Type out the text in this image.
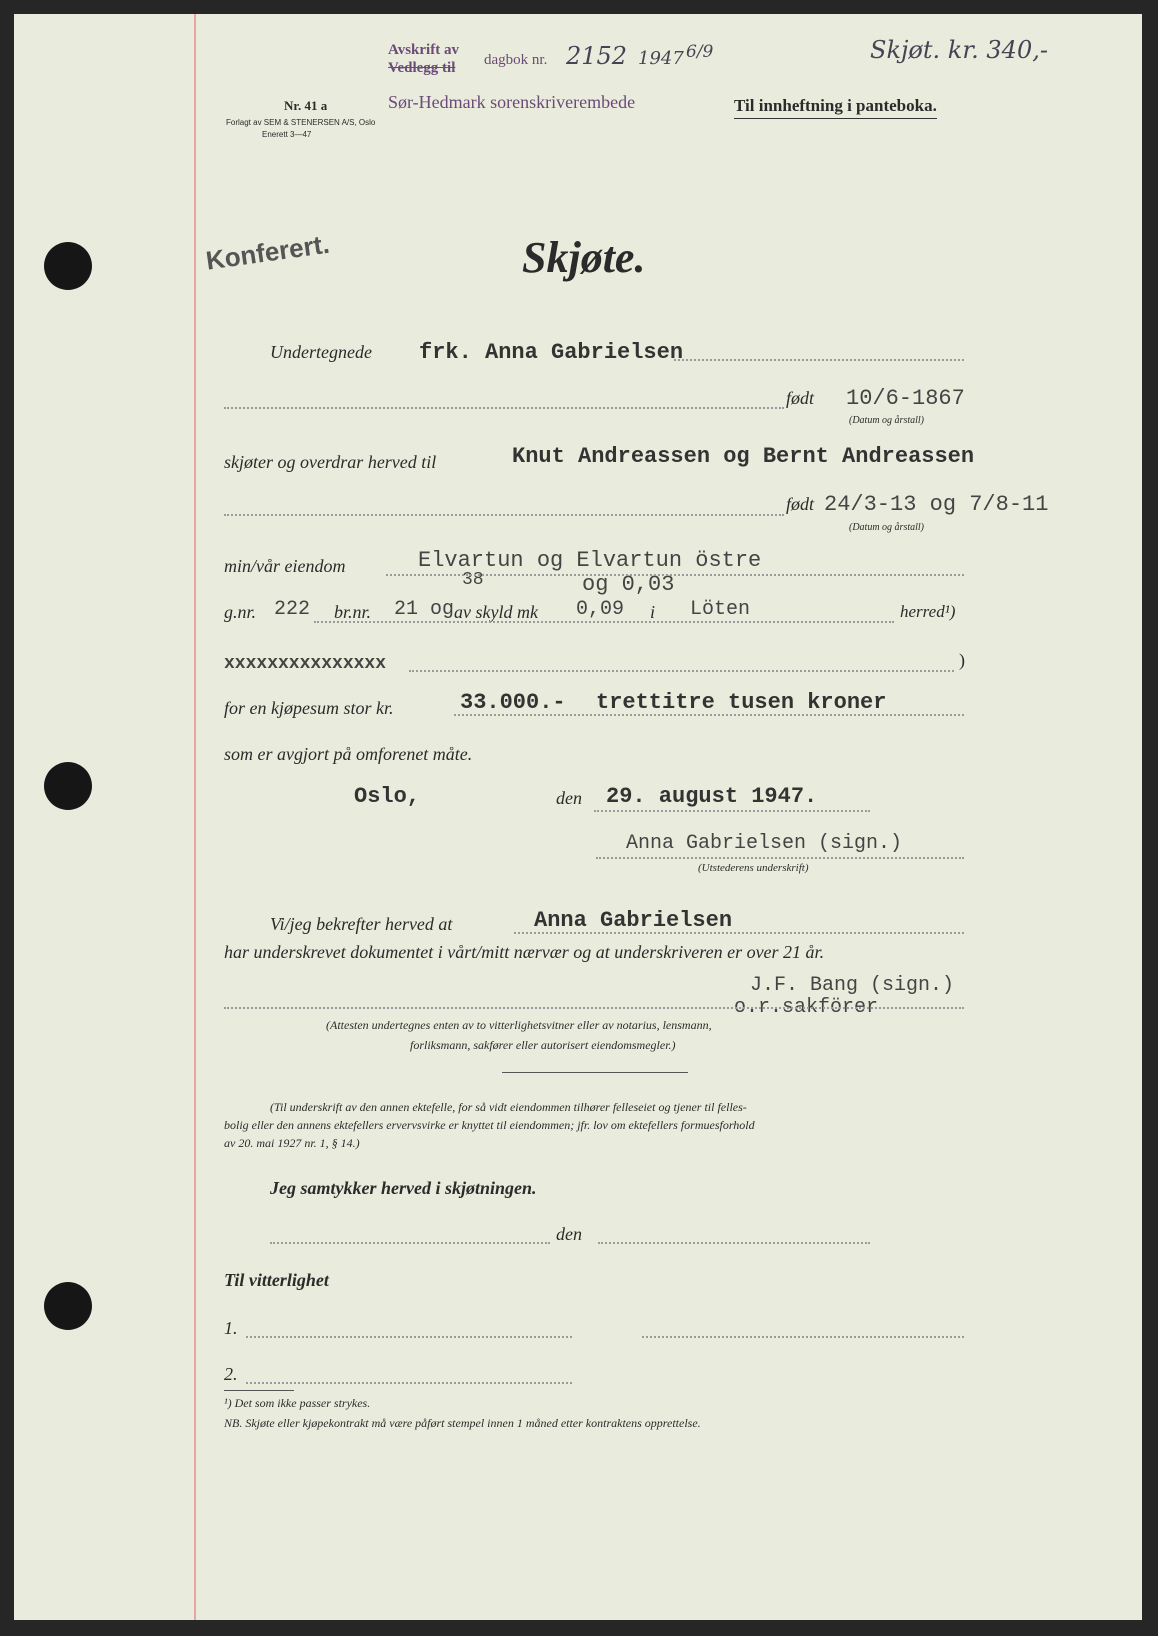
Nr. 41 a
Forlagt av SEM & STENERSEN A/S, Oslo
Enerett 3—47
Avskrift av
Vedlegg til dagbok nr. 2152 1947 6/9
Sør-Hedmark sorenskriverembede
Skjøt. kr. 340,-
Til innheftning i panteboka.
Konferert.	Skjøte.
Undertegnede frk. Anna Gabrielsen
født 10/6-1867
(Datum og årstall)
skjøter og overdrar herved til	Knut Andreassen og Bernt Andreassen
født 24/3-13 og 7/8-11
(Datum og årstall)
min/vår eiendom	Elvartun og Elvartun östre
38	og 0,03
g.nr. 222 br.nr. 21 og av skyld mk 0,09 i Löten	herred¹)
xxxxxxxxxxxxxxx	)
for en kjøpesum stor kr.	33.000.- trettitre tusen kroner
som er avgjort på omforenet måte.
Oslo,	den 29. august 1947.
Anna Gabrielsen (sign.)
(Utstederens underskrift)
Vi/jeg bekrefter herved at	Anna Gabrielsen
har underskrevet dokumentet i vårt/mitt nærvær og at underskriveren er over 21 år.
J.F. Bang (sign.)
o.r.sakförer
(Attesten undertegnes enten av to vitterlighetsvitner eller av notarius, lensmann,
forliksmann, sakfører eller autorisert eiendomsmegler.)
(Til underskrift av den annen ektefelle, for så vidt eiendommen tilhører felleseiet og tjener til felles-
bolig eller den annens ektefellers ervervsvirke er knyttet til eiendommen; jfr. lov om ektefellers formuesforhold
av 20. mai 1927 nr. 1, § 14.)
Jeg samtykker herved i skjøtningen.
den
Til vitterlighet
1.
2.
¹) Det som ikke passer strykes.
NB. Skjøte eller kjøpekontrakt må være påført stempel innen 1 måned etter kontraktens opprettelse.
